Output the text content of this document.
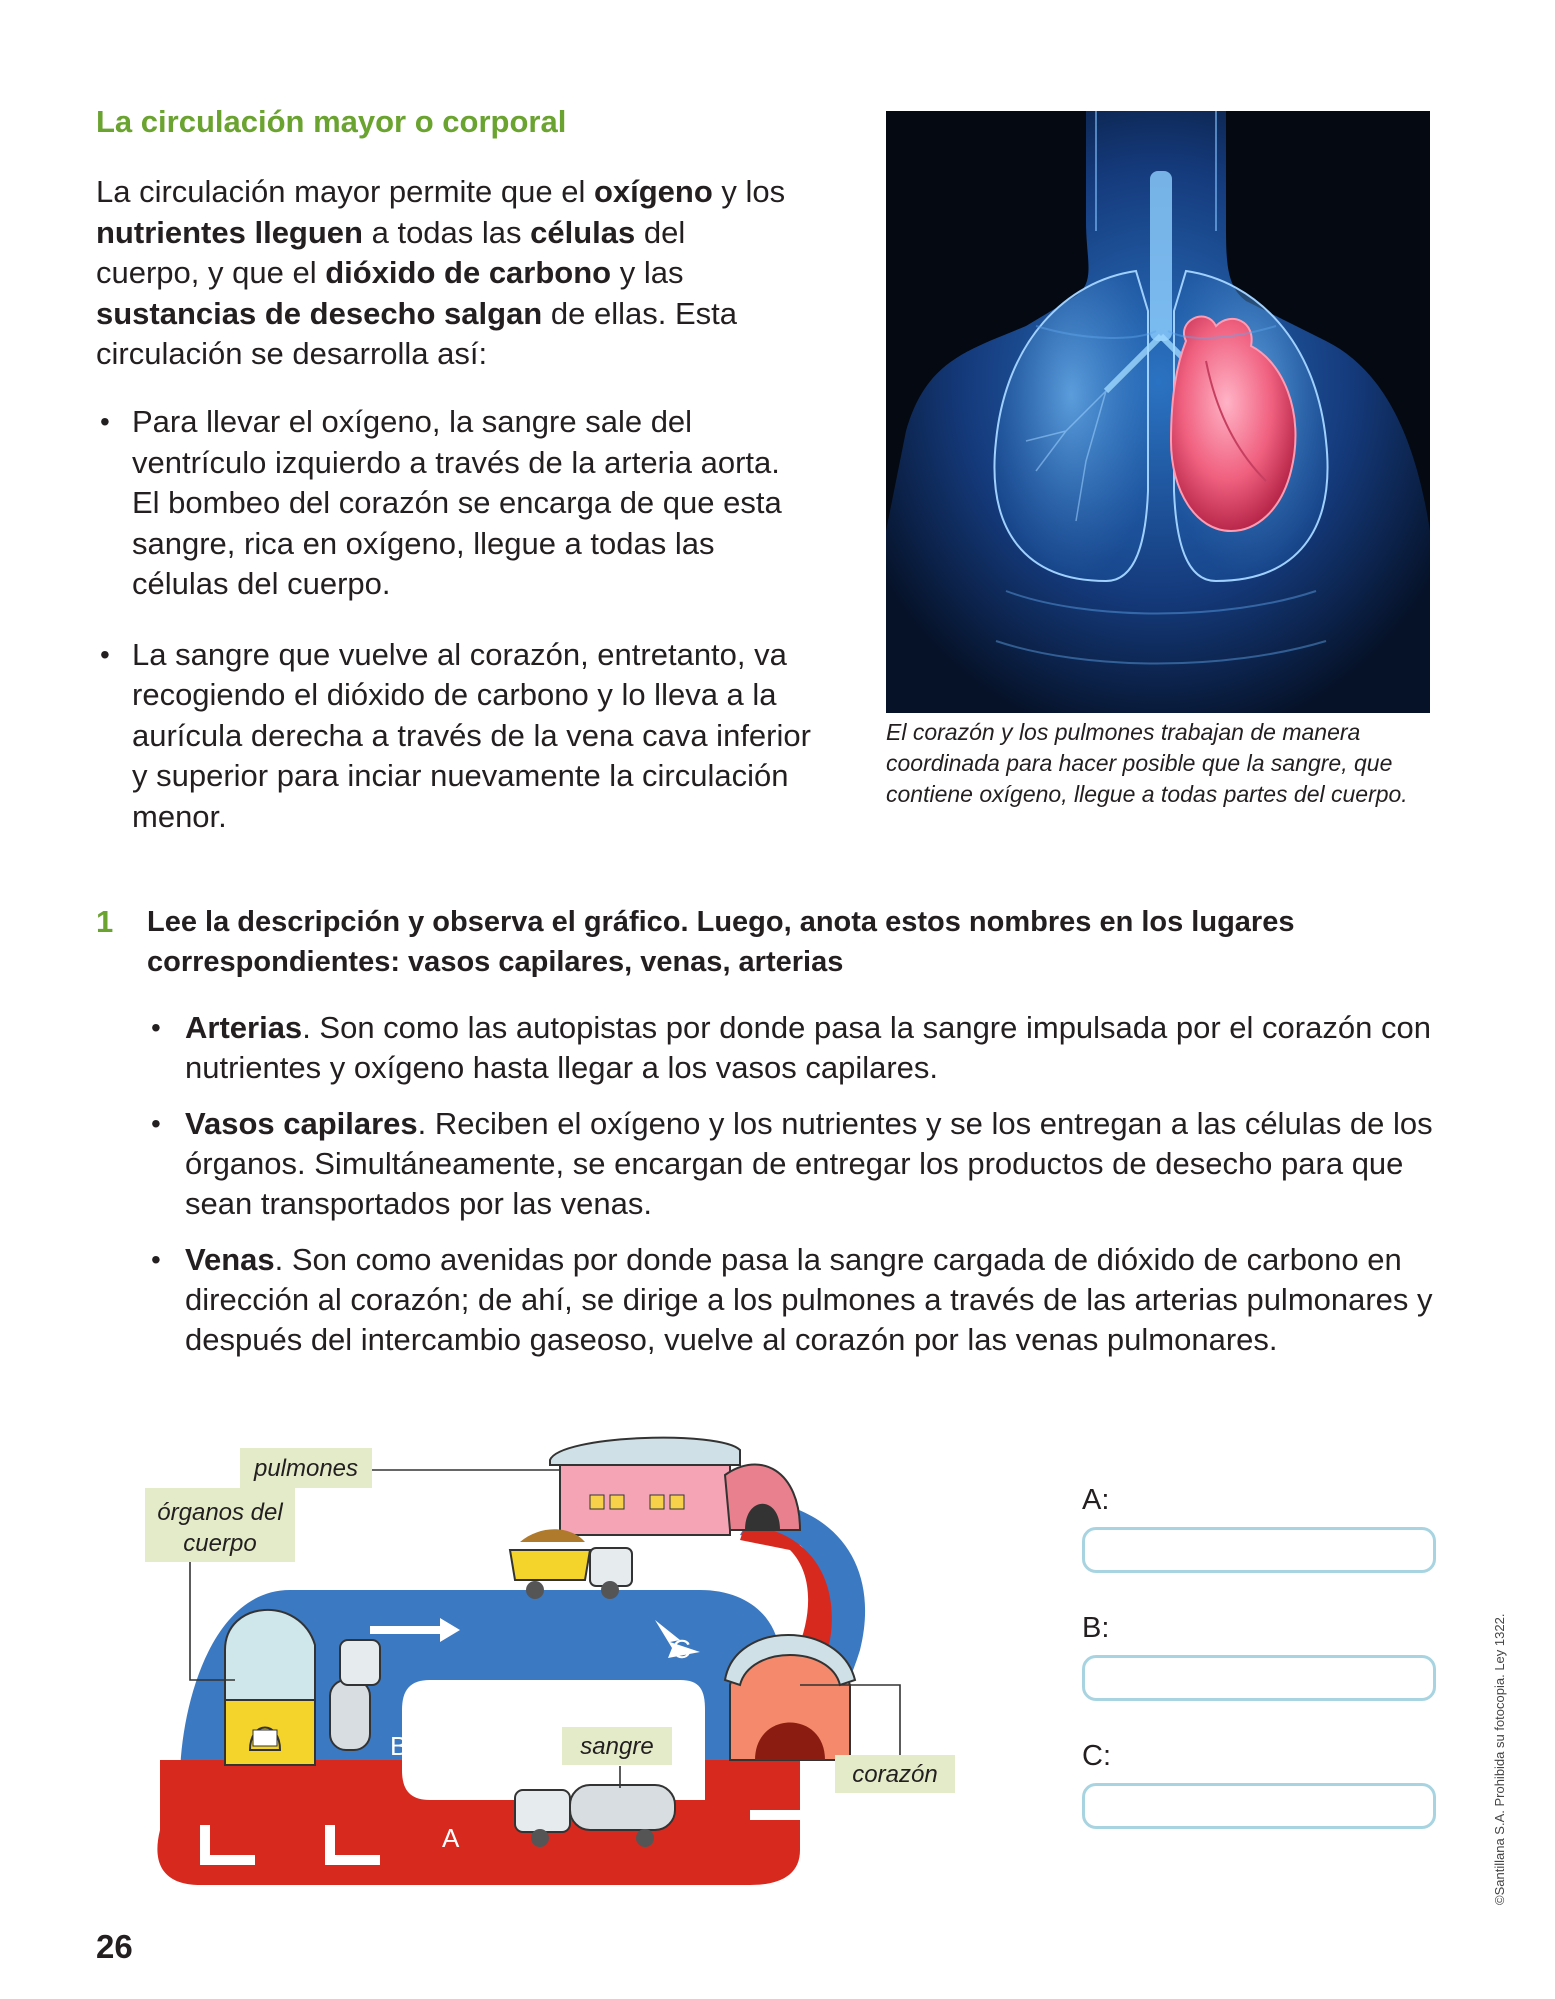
La circulación mayor o corporal
La circulación mayor permite que el oxígeno y los nutrientes lleguen a todas las células del cuerpo, y que el dióxido de carbono y las sustancias de desecho salgan de ellas. Esta circulación se desarrolla así:
• Para llevar el oxígeno, la sangre sale del ventrículo izquierdo a través de la arteria aorta. El bombeo del corazón se encarga de que esta sangre, rica en oxígeno, llegue a todas las células del cuerpo.
• La sangre que vuelve al corazón, entretanto, va recogiendo el dióxido de carbono y lo lleva a la aurícula derecha a través de la vena cava inferior y superior para inciar nuevamente la circulación menor.
El corazón y los pulmones trabajan de manera coordinada para hacer posible que la sangre, que contiene oxígeno, llegue a todas partes del cuerpo.
1 Lee la descripción y observa el gráfico. Luego, anota estos nombres en los lugares correspondientes: vasos capilares, venas, arterias
• Arterias. Son como las autopistas por donde pasa la sangre impulsada por el corazón con nutrientes y oxígeno hasta llegar a los vasos capilares.
• Vasos capilares. Reciben el oxígeno y los nutrientes y se los entregan a las células de los órganos. Simultáneamente, se encargan de entregar los productos de desecho para que sean transportados por las venas.
• Venas. Son como avenidas por donde pasa la sangre cargada de dióxido de carbono en dirección al corazón; de ahí, se dirige a los pulmones a través de las arterias pulmonares y después del intercambio gaseoso, vuelve al corazón por las venas pulmonares.
pulmones
órganos del
cuerpo
sangre
corazón
A
B
C
A:
B:
C:
26
©Santillana S.A. Prohibida su fotocopia. Ley 1322.
